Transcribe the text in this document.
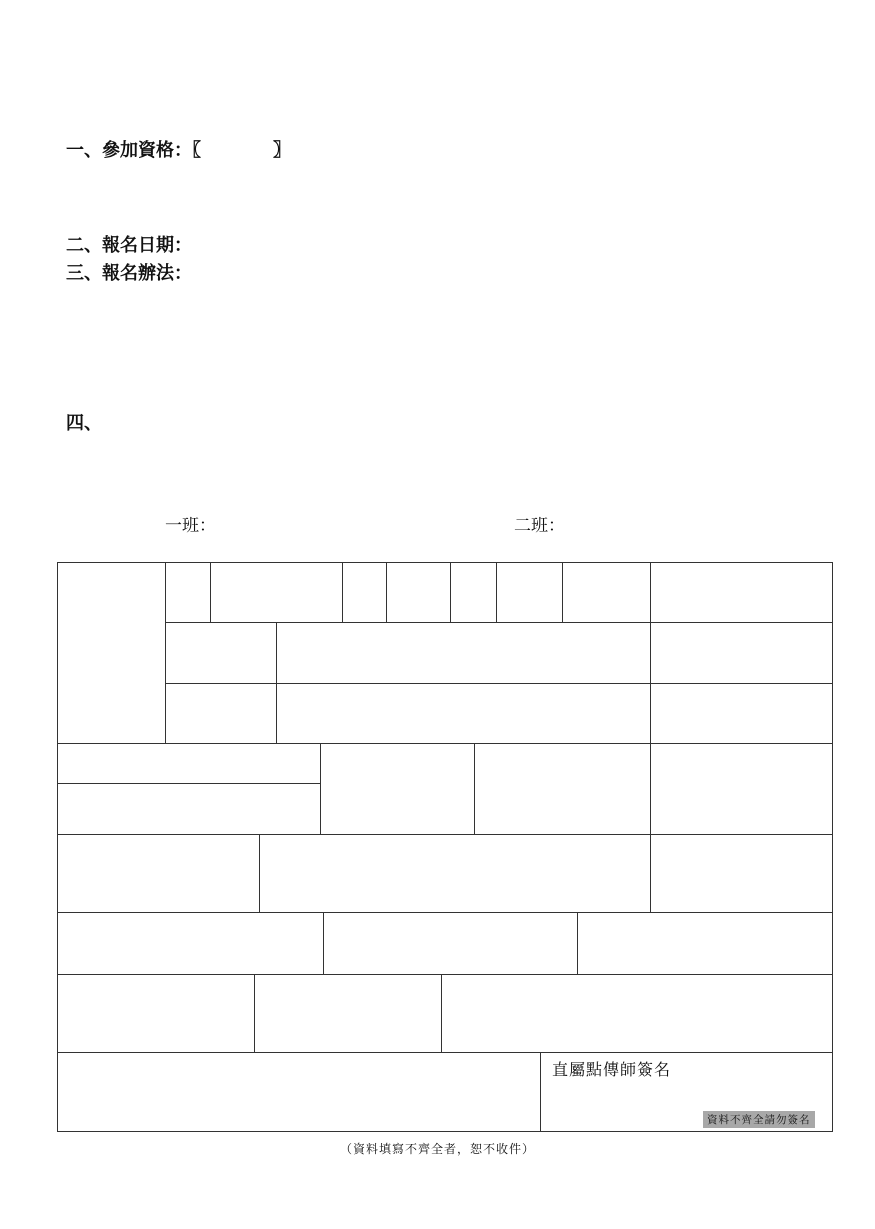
一、參加資格：〖　　　　〗
二、報名日期：
三、報名辦法：
四、
一班：	二班：
直屬點傳師簽名
資料不齊全請勿簽名
（資料填寫不齊全者，恕不收件）
